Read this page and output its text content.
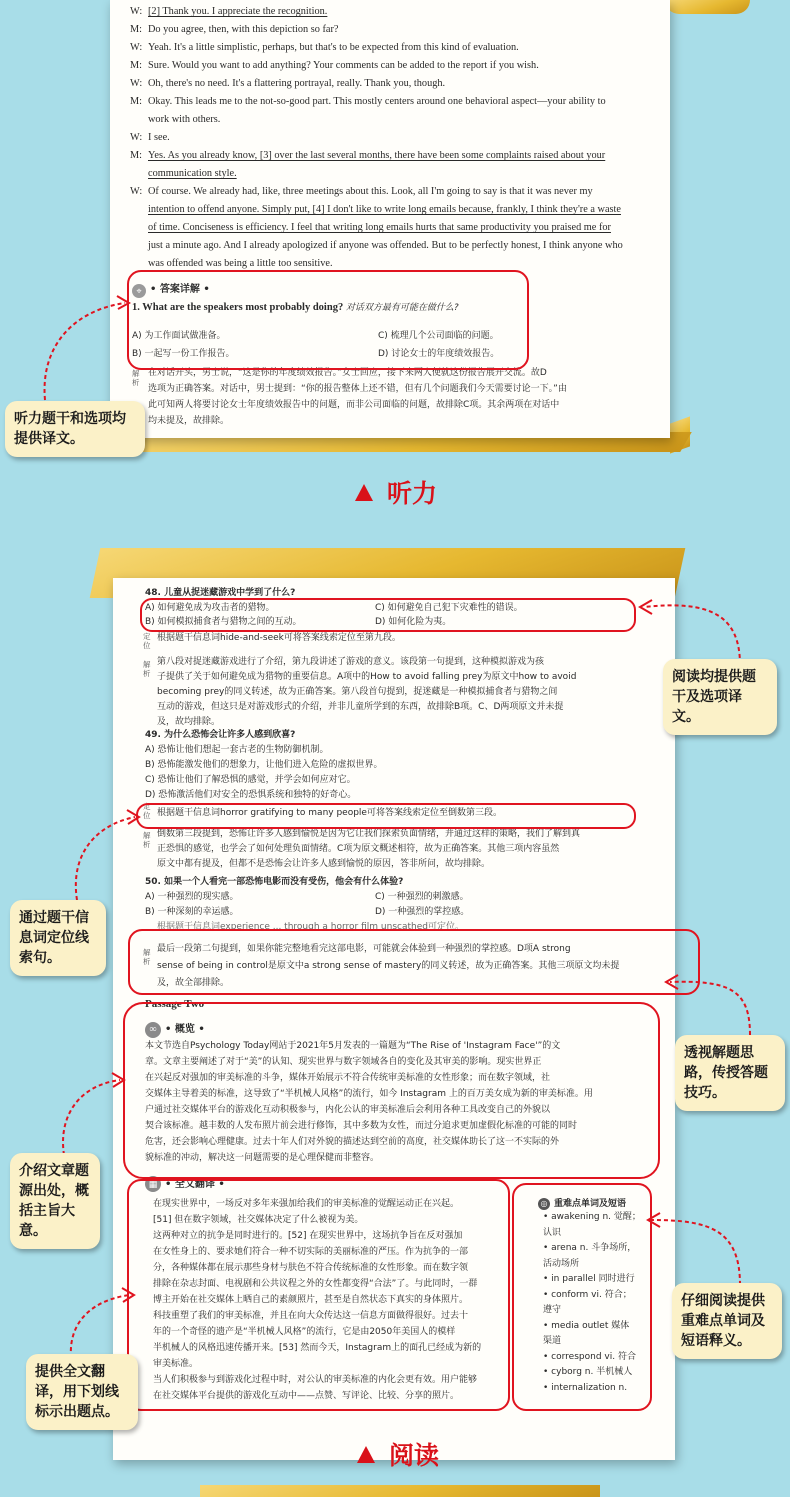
W: [2] Thank you. I appreciate the recognition.
M: Do you agree, then, with this depiction so far?
W: Yeah. It's a little simplistic, perhaps, but that's to be expected from this kind of evaluation.
M: Sure. Would you want to add anything? Your comments can be added to the report if you wish.
W: Oh, there's no need. It's a flattering portrayal, really. Thank you, though.
M: Okay. This leads me to the not-so-good part. This mostly centers around one behavioral aspect—your ability to
work with others.
W: I see.
M: Yes. As you already know, [3] over the last several months, there have been some complaints raised about your
communication style.
W: Of course. We already had, like, three meetings about this. Look, all I'm going to say is that it was never my
intention to offend anyone. Simply put, [4] I don't like to write long emails because, frankly, I think they're a waste
of time. Conciseness is efficiency. I feel that writing long emails hurts that same productivity you praised me for
just a minute ago. And I already apologized if anyone was offended. But to be perfectly honest, I think anyone who
was offended was being a little too sensitive.
⌖ • 答案详解 •
1. What are the speakers most probably doing? 对话双方最有可能在做什么?
A) 为工作面试做准备。	C) 梳理几个公司面临的问题。
B) 一起写一份工作报告。	D) 讨论女士的年度绩效报告。
解析
在对话开头，男士说，“这是你的年度绩效报告。”女士回应，接下来两人便就这份报告展开交流。故D
选项为正确答案。对话中，男士提到：“你的报告整体上还不错，但有几个问题我们今天需要讨论一下。”由
此可知两人将要讨论女士年度绩效报告中的问题，而非公司面临的问题，故排除C项。其余两项在对话中
均未提及，故排除。
听力题干和选项均提供译文。
听力
48. 儿童从捉迷藏游戏中学到了什么?
A) 如何避免成为攻击者的猎物。	C) 如何避免自己犯下灾难性的错误。
B) 如何模拟捕食者与猎物之间的互动。	D) 如何化险为夷。
定位
根据题干信息词hide-and-seek可将答案线索定位至第九段。
解析
第八段对捉迷藏游戏进行了介绍，第九段讲述了游戏的意义。该段第一句提到，这种模拟游戏为孩
子提供了关于如何避免成为猎物的重要信息。A项中的How to avoid falling prey为原文中how to avoid
becoming prey的同义转述，故为正确答案。第八段首句提到，捉迷藏是一种模拟捕食者与猎物之间
互动的游戏，但这只是对游戏形式的介绍，并非儿童所学到的东西，故排除B项。C、D两项原文并未提
及，故均排除。
49. 为什么恐怖会让许多人感到欣喜?
A) 恐怖让他们想起一套古老的生物防御机制。
B) 恐怖能激发他们的想象力，让他们进入危险的虚拟世界。
C) 恐怖让他们了解恐惧的感觉，并学会如何应对它。
D) 恐怖激活他们对安全的恐惧系统和独特的好奇心。
定位 根据题干信息词horror gratifying to many people可将答案线索定位至倒数第三段。
解析
倒数第三段提到，恐怖让许多人感到愉悦是因为它让我们探索负面情绪，并通过这样的策略，我们了解到真
正恐惧的感觉，也学会了如何处理负面情绪。C项为原文概述相符，故为正确答案。其他三项内容虽然
原文中都有提及，但都不是恐怖会让许多人感到愉悦的原因，答非所问，故均排除。
50. 如果一个人看完一部恐怖电影而没有受伤，他会有什么体验?
A) 一种强烈的现实感。	C) 一种强烈的刺激感。
B) 一种深刻的幸运感。	D) 一种强烈的掌控感。
根据题干信息词experience ... through a horror film unscathed可定位。
解析
最后一段第二句提到，如果你能完整地看完这部电影，可能就会体验到一种强烈的掌控感。D项A strong
sense of being in control是原文中a strong sense of mastery的同义转述，故为正确答案。其他三项原文均未提
及，故全部排除。
Passage Two
∞ • 概览 •
本文节选自Psychology Today网站于2021年5月发表的一篇题为“The Rise of 'Instagram Face'”的文
章。文章主要阐述了对于“美”的认知、现实世界与数字领域各自的变化及其审美的影响。现实世界正
在兴起反对强加的审美标准的斗争，媒体开始展示不符合传统审美标准的女性形象；而在数字领域，社
交媒体主导着美的标准，这导致了“半机械人风格”的流行，如今 Instagram 上的百万美女成为新的审美标准。用
户通过社交媒体平台的游戏化互动积极参与，内化公认的审美标准后会利用各种工具改变自己的外貌以
契合该标准。越丰数的人发布照片前会进行修饰，其中多数为女性，而过分追求更加虚假化标准的可能的同时
危害，还会影响心理健康。过去十年人们对外貌的描述达到空前的高度，社交媒体助长了这一不实际的外
貌标准的冲动，解决这一问题需要的是心理保健而非整容。
▦ • 全文翻译 •
在现实世界中，一场反对多年来强加给我们的审美标准的觉醒运动正在兴起。
[51] 但在数字领域，社交媒体决定了什么被视为美。
这两种对立的抗争是同时进行的。[52] 在现实世界中，这场抗争旨在反对强加
在女性身上的、要求她们符合一种不切实际的美丽标准的严压。作为抗争的一部
分，各种媒体都在展示那些身材与肤色不符合传统标准的女性形象。而在数字领
排除在杂志封面、电视剧和公共议程之外的女性都变得“合法”了。与此同时，一群
博主开始在社交媒体上晒自己的素颜照片，甚至是自然状态下真实的身体照片。
科技重塑了我们的审美标准，并且在向大众传达这一信息方面做得很好。过去十
年的一个奇怪的遗产是“半机械人风格”的流行，它是由2050年美国人的模样
半机械人的风格迅速传播开来。[53] 然而今天，Instagram上的面孔已经成为新的
审美标准。
当人们积极参与到游戏化过程中时，对公认的审美标准的内化会更有效。用户能够
在社交媒体平台提供的游戏化互动中——点赞、写评论、比较、分享的照片。
◎ 重难点单词及短语
• awakening n. 觉醒；
认识
• arena n. 斗争场所，
活动场所
• in parallel 同时进行
• conform vi. 符合；
遵守
• media outlet 媒体
渠道
• correspond vi. 符合
• cyborg n. 半机械人
• internalization n.
阅读均提供题干及选项译文。
通过题干信息词定位线索句。
透视解题思路，传授答题技巧。
介绍文章题源出处，概括主旨大意。
仔细阅读提供重难点单词及短语释义。
提供全文翻译，用下划线标示出题点。
阅读
